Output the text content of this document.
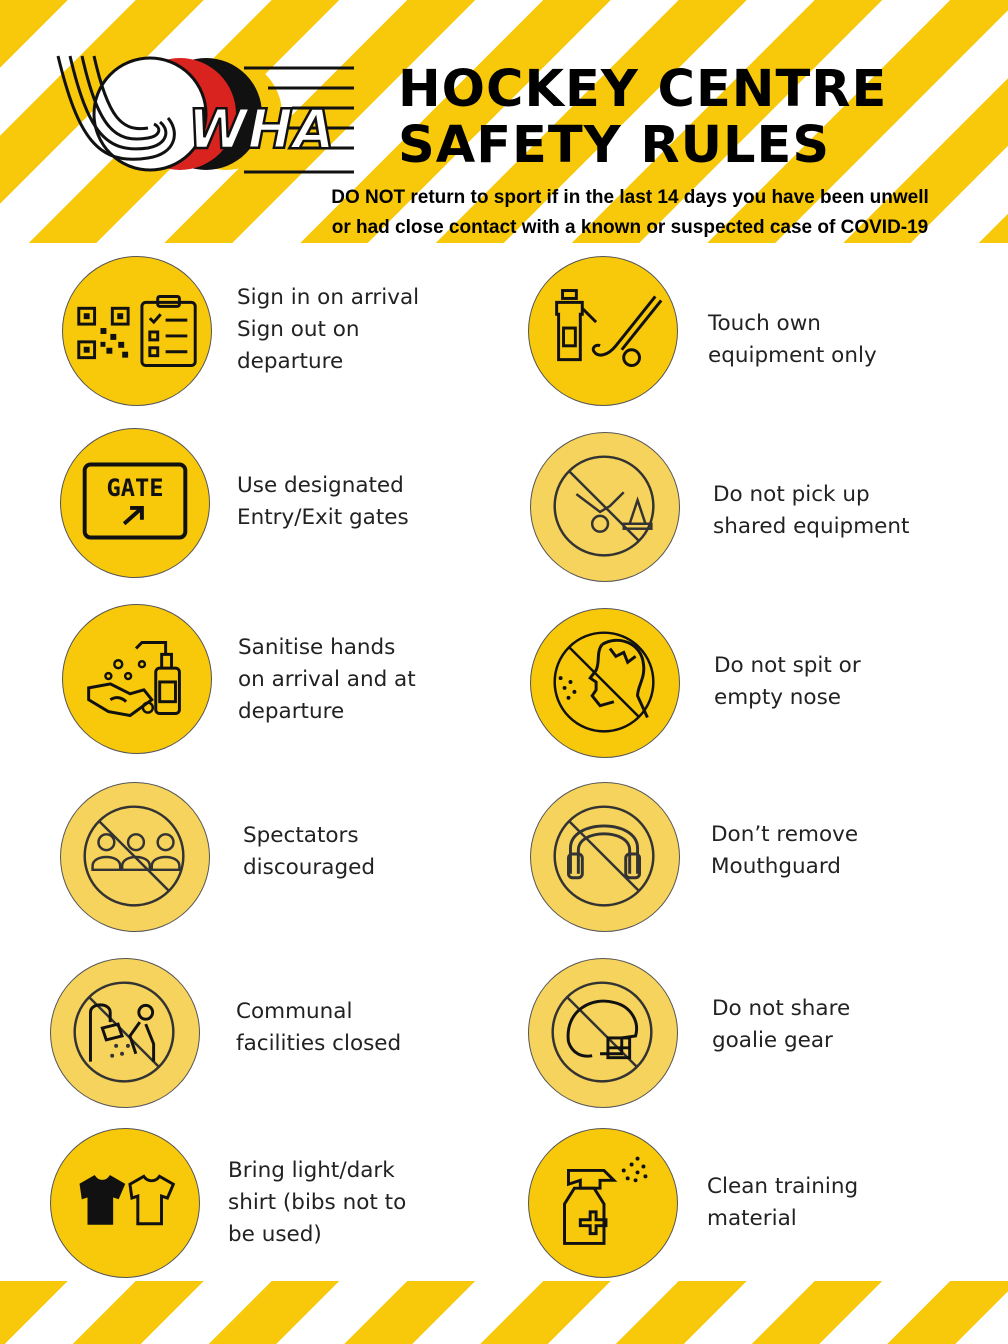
WHA
HOCKEY CENTRE
SAFETY RULES
DO NOT return to sport if in the last 14 days you have been unwell
or had close contact with a known or suspected case of COVID-19
Sign in on arrival
Sign out on
departure
Touch own
equipment only
GATE	Use designated
Entry/Exit gates
Do not pick up
shared equipment
Sanitise hands
on arrival and at
departure
Do not spit or
empty nose
Spectators
discouraged
Don’t remove
Mouthguard
Communal
facilities closed
Do not share
goalie gear
Bring light/dark
shirt (bibs not to
be used)
Clean training
material
